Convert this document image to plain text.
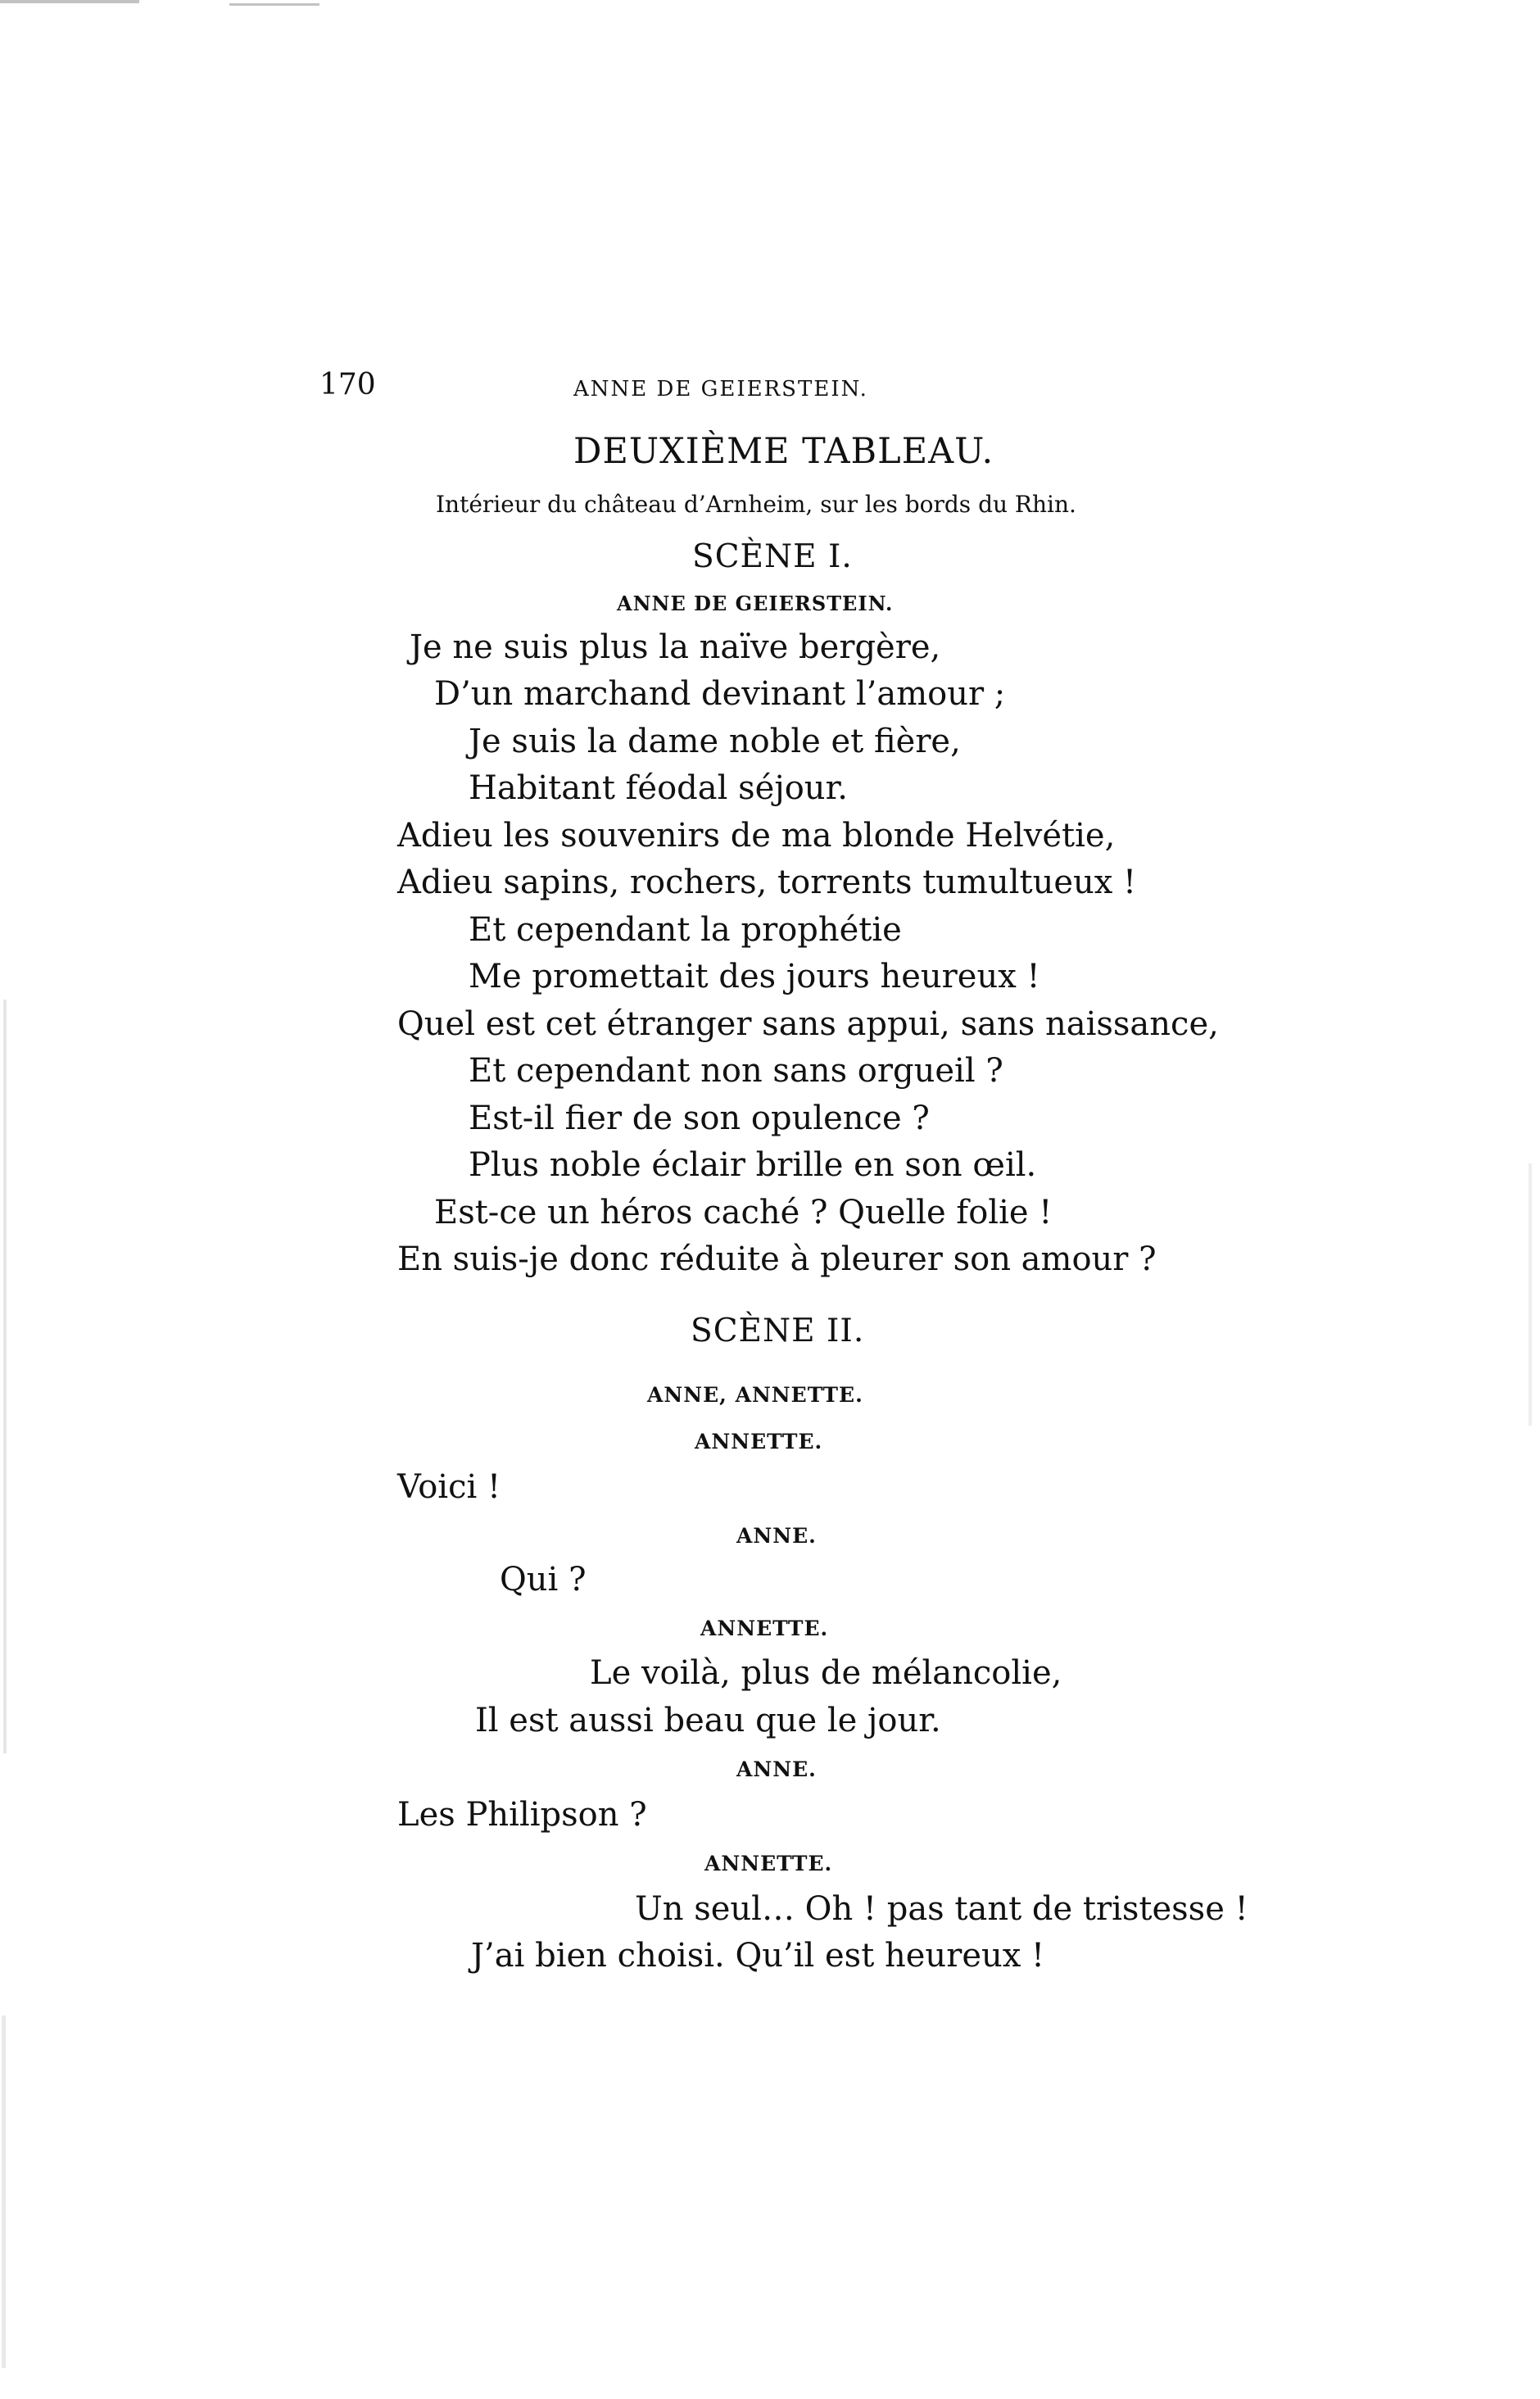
170	ANNE DE GEIERSTEIN.
DEUXIÈME TABLEAU.
Intérieur du château d’Arnheim, sur les bords du Rhin.
SCÈNE I.
ANNE DE GEIERSTEIN.
Je ne suis plus la naïve bergère,
D’un marchand devinant l’amour ;
Je suis la dame noble et fière,
Habitant féodal séjour.
Adieu les souvenirs de ma blonde Helvétie,
Adieu sapins, rochers, torrents tumultueux !
Et cependant la prophétie
Me promettait des jours heureux !
Quel est cet étranger sans appui, sans naissance,
Et cependant non sans orgueil ?
Est-il fier de son opulence ?
Plus noble éclair brille en son œil.
Est-ce un héros caché ? Quelle folie !
En suis-je donc réduite à pleurer son amour ?
SCÈNE II.
ANNE, ANNETTE.
ANNETTE.
Voici !
ANNE.
Qui ?
ANNETTE.
Le voilà, plus de mélancolie,
Il est aussi beau que le jour.
ANNE.
Les Philipson ?
ANNETTE.
Un seul… Oh ! pas tant de tristesse !
J’ai bien choisi. Qu’il est heureux !
